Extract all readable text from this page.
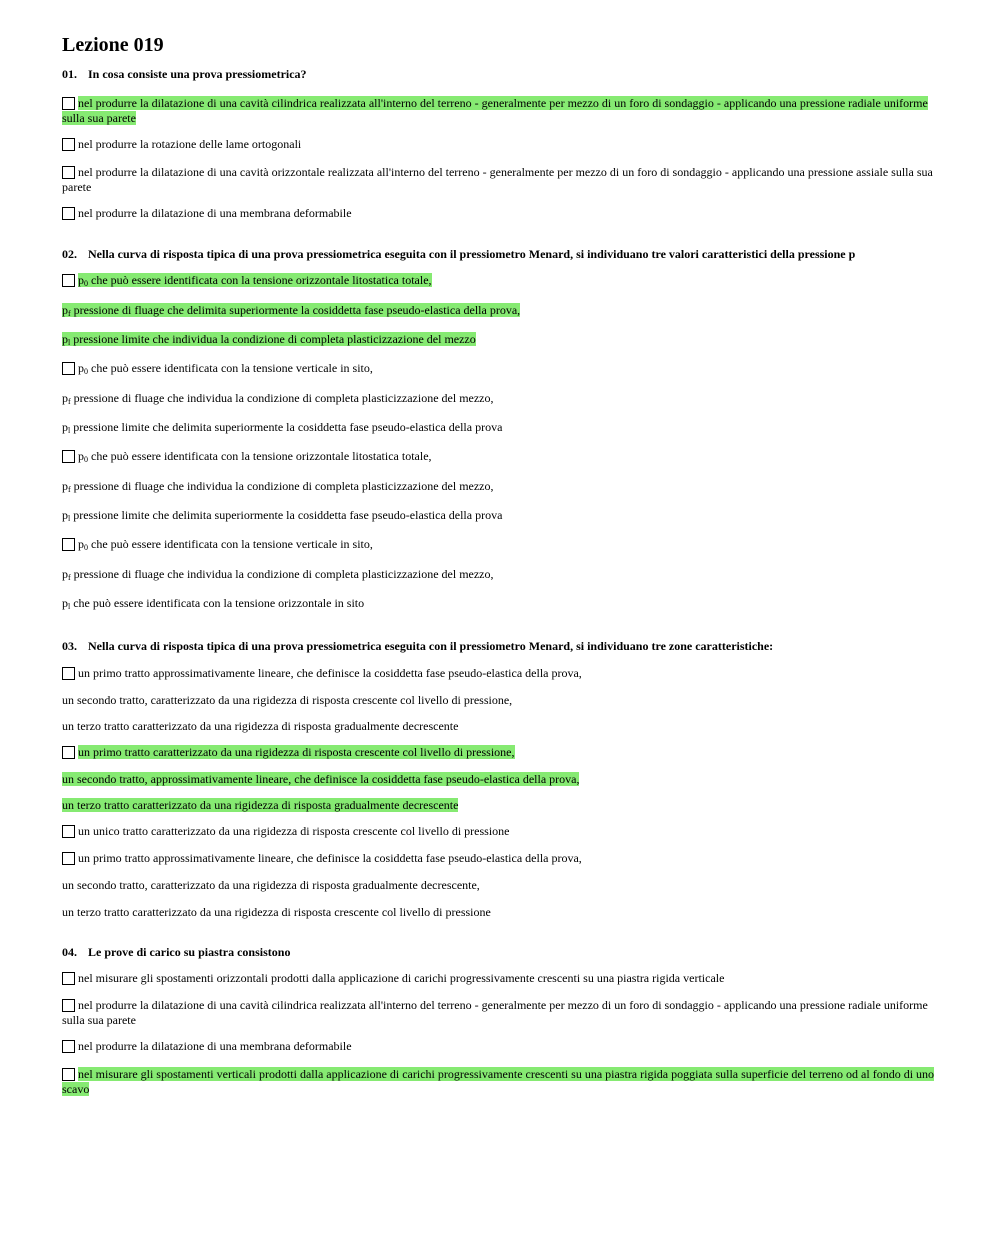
Lezione 019
01. In cosa consiste una prova pressiometrica?
nel produrre la dilatazione di una cavità cilindrica realizzata all'interno del terreno - generalmente per mezzo di un foro di sondaggio - applicando una pressione radiale uniforme sulla sua parete
nel produrre la rotazione delle lame ortogonali
nel produrre la dilatazione di una cavità orizzontale realizzata all'interno del terreno - generalmente per mezzo di un foro di sondaggio - applicando una pressione assiale sulla sua parete
nel produrre la dilatazione di una membrana deformabile
02. Nella curva di risposta tipica di una prova pressiometrica eseguita con il pressiometro Menard, si individuano tre valori caratteristici della pressione p
$p_0$ che può essere identificata con la tensione orizzontale litostatica totale,
$p_f$ pressione di fluage che delimita superiormente la cosiddetta fase pseudo-elastica della prova,
$p_l$ pressione limite che individua la condizione di completa plasticizzazione del mezzo
$p_0$ che può essere identificata con la tensione verticale in sito,
$p_f$ pressione di fluage che individua la condizione di completa plasticizzazione del mezzo,
$p_l$ pressione limite che delimita superiormente la cosiddetta fase pseudo-elastica della prova
$p_0$ che può essere identificata con la tensione orizzontale litostatica totale,
$p_f$ pressione di fluage che individua la condizione di completa plasticizzazione del mezzo,
$p_l$ pressione limite che delimita superiormente la cosiddetta fase pseudo-elastica della prova
$p_0$ che può essere identificata con la tensione verticale in sito,
$p_f$ pressione di fluage che individua la condizione di completa plasticizzazione del mezzo,
$p_l$ che può essere identificata con la tensione orizzontale in sito
03. Nella curva di risposta tipica di una prova pressiometrica eseguita con il pressiometro Menard, si individuano tre zone caratteristiche:
un primo tratto approssimativamente lineare, che definisce la cosiddetta fase pseudo-elastica della prova,
un secondo tratto, caratterizzato da una rigidezza di risposta crescente col livello di pressione,
un terzo tratto caratterizzato da una rigidezza di risposta gradualmente decrescente
un primo tratto caratterizzato da una rigidezza di risposta crescente col livello di pressione,
un secondo tratto, approssimativamente lineare, che definisce la cosiddetta fase pseudo-elastica della prova,
un terzo tratto caratterizzato da una rigidezza di risposta gradualmente decrescente
un unico tratto caratterizzato da una rigidezza di risposta crescente col livello di pressione
un primo tratto approssimativamente lineare, che definisce la cosiddetta fase pseudo-elastica della prova,
un secondo tratto, caratterizzato da una rigidezza di risposta gradualmente decrescente,
un terzo tratto caratterizzato da una rigidezza di risposta crescente col livello di pressione
04. Le prove di carico su piastra consistono
nel misurare gli spostamenti orizzontali prodotti dalla applicazione di carichi progressivamente crescenti su una piastra rigida verticale
nel produrre la dilatazione di una cavità cilindrica realizzata all'interno del terreno - generalmente per mezzo di un foro di sondaggio - applicando una pressione radiale uniforme sulla sua parete
nel produrre la dilatazione di una membrana deformabile
nel misurare gli spostamenti verticali prodotti dalla applicazione di carichi progressivamente crescenti su una piastra rigida poggiata sulla superficie del terreno od al fondo di uno scavo
